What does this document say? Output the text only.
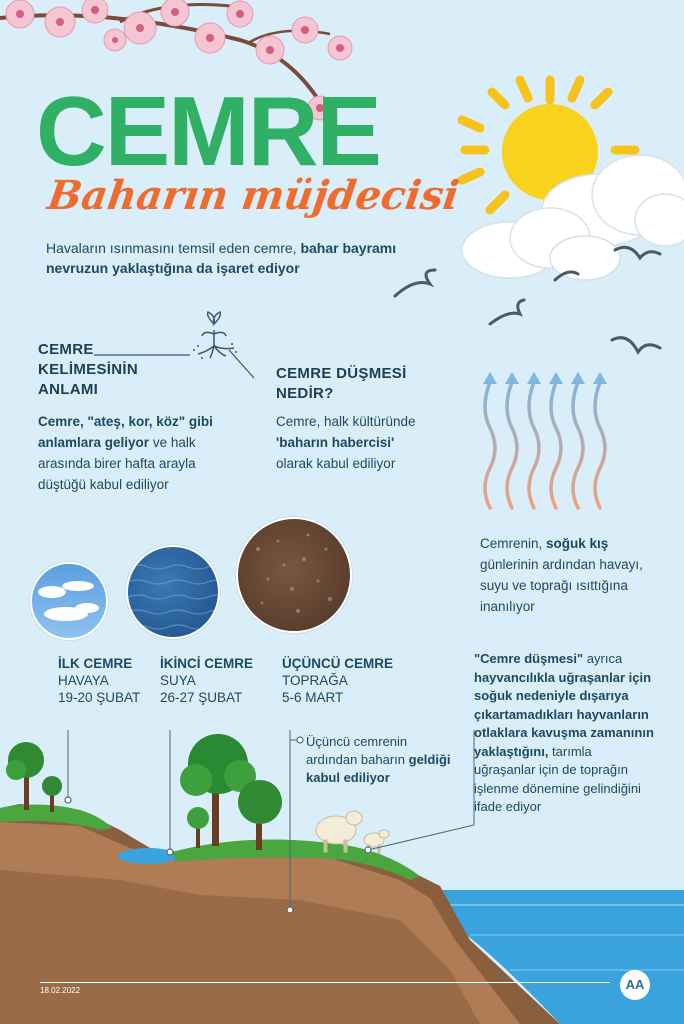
CEMRE
Baharın müjdecisi
Havaların ısınmasını temsil eden cemre, bahar bayramı nevruzun yaklaştığına da işaret ediyor
CEMRE
KELİMESİNİN
ANLAMI
Cemre, "ateş, kor, köz" gibi anlamlara geliyor ve halk arasında birer hafta arayla düştüğü kabul ediliyor
CEMRE DÜŞMESİ
NEDİR?
Cemre, halk kültüründe 'baharın habercisi' olarak kabul ediliyor
Cemrenin, soğuk kış günlerinin ardından havayı, suyu ve toprağı ısıttığına inanılıyor
İLK CEMRE
HAVAYA
19-20 ŞUBAT
İKİNCİ CEMRE
SUYA
26-27 ŞUBAT
ÜÇÜNCÜ CEMRE
TOPRAĞA
5-6 MART
Üçüncü cemrenin ardından baharın geldiği kabul ediliyor
"Cemre düşmesi" ayrıca hayvancılıkla uğraşanlar için soğuk nedeniyle dışarıya çıkartamadıkları hayvanların otlaklara kavuşma zamanının yaklaştığını, tarımla uğraşanlar için de toprağın işlenme dönemine gelindiğini ifade ediyor
18.02.2022	AA
